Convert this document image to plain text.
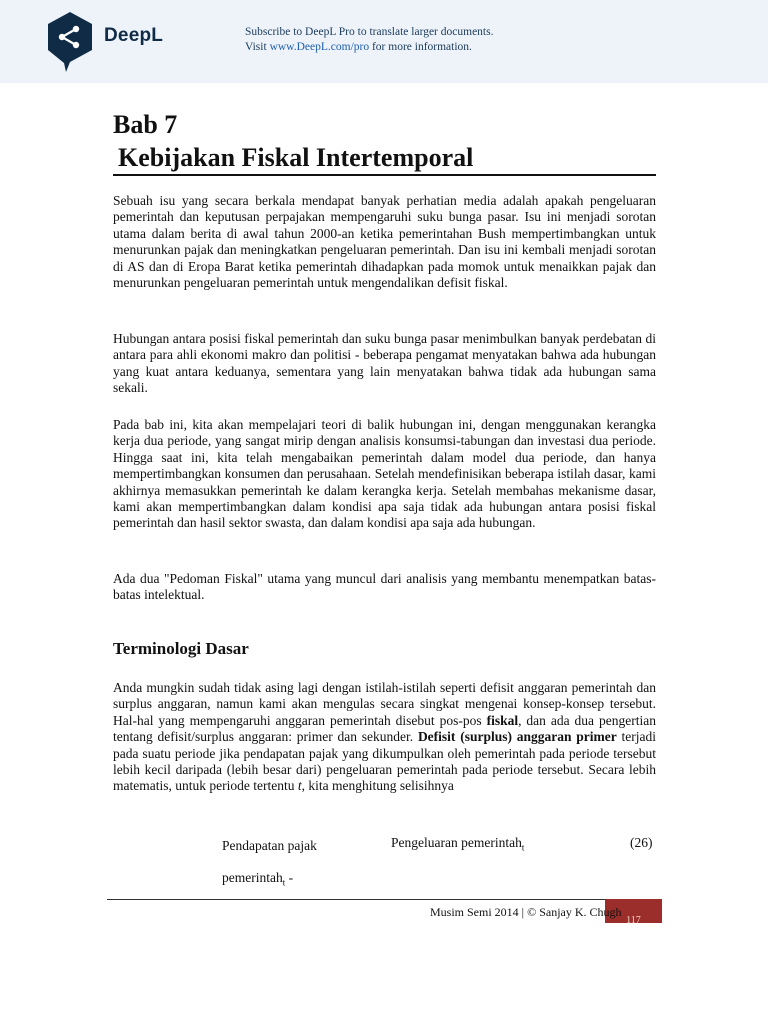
DeepL	Subscribe to DeepL Pro to translate larger documents.
Visit www.DeepL.com/pro for more information.
Bab 7
Kebijakan Fiskal Intertemporal

Sebuah isu yang secara berkala mendapat banyak perhatian media adalah apakah pengeluaran pemerintah dan keputusan perpajakan mempengaruhi suku bunga pasar. Isu ini menjadi sorotan utama dalam berita di awal tahun 2000-an ketika pemerintahan Bush mempertimbangkan untuk menurunkan pajak dan meningkatkan pengeluaran pemerintah. Dan isu ini kembali menjadi sorotan di AS dan di Eropa Barat ketika pemerintah dihadapkan pada momok untuk menaikkan pajak dan menurunkan pengeluaran pemerintah untuk mengendalikan defisit fiskal.

Hubungan antara posisi fiskal pemerintah dan suku bunga pasar menimbulkan banyak perdebatan di antara para ahli ekonomi makro dan politisi - beberapa pengamat menyatakan bahwa ada hubungan yang kuat antara keduanya, sementara yang lain menyatakan bahwa tidak ada hubungan sama sekali.

Pada bab ini, kita akan mempelajari teori di balik hubungan ini, dengan menggunakan kerangka kerja dua periode, yang sangat mirip dengan analisis konsumsi-tabungan dan investasi dua periode. Hingga saat ini, kita telah mengabaikan pemerintah dalam model dua periode, dan hanya mempertimbangkan konsumen dan perusahaan. Setelah mendefinisikan beberapa istilah dasar, kami akhirnya memasukkan pemerintah ke dalam kerangka kerja. Setelah membahas mekanisme dasar, kami akan mempertimbangkan dalam kondisi apa saja tidak ada hubungan antara posisi fiskal pemerintah dan hasil sektor swasta, dan dalam kondisi apa saja ada hubungan.

Ada dua "Pedoman Fiskal" utama yang muncul dari analisis yang membantu menempatkan batas-batas intelektual.

Terminologi Dasar

Anda mungkin sudah tidak asing lagi dengan istilah-istilah seperti defisit anggaran pemerintah dan surplus anggaran, namun kami akan mengulas secara singkat mengenai konsep-konsep tersebut. Hal-hal yang mempengaruhi anggaran pemerintah disebut pos-pos fiskal, dan ada dua pengertian tentang defisit/surplus anggaran: primer dan sekunder. Defisit (surplus) anggaran primer terjadi pada suatu periode jika pendapatan pajak yang dikumpulkan oleh pemerintah pada periode tersebut lebih kecil daripada (lebih besar dari) pengeluaran pemerintah pada periode tersebut. Secara lebih matematis, untuk periode tertentu t, kita menghitung selisihnya

Pendapatan pajak
pemerintah$_t$ -
Pengeluaran pemerintah$_t$	(26)
117
Musim Semi 2014 | © Sanjay K. Chugh
